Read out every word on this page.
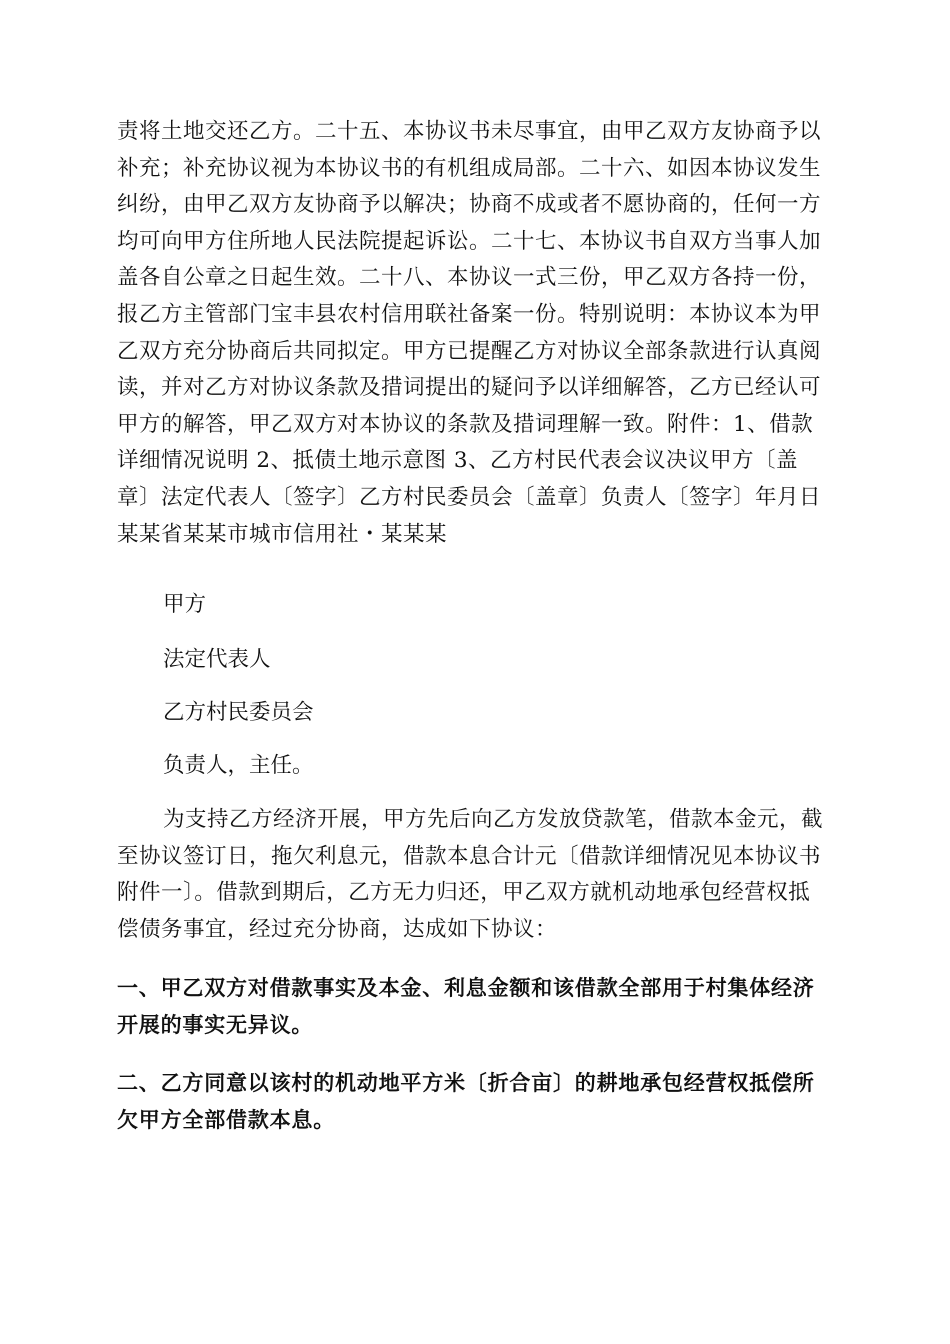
责将土地交还乙方。二十五、本协议书未尽事宜，由甲乙双方友协商予以
补充；补充协议视为本协议书的有机组成局部。二十六、如因本协议发生
纠纷，由甲乙双方友协商予以解决；协商不成或者不愿协商的，任何一方
均可向甲方住所地人民法院提起诉讼。二十七、本协议书自双方当事人加
盖各自公章之日起生效。二十八、本协议一式三份，甲乙双方各持一份，
报乙方主管部门宝丰县农村信用联社备案一份。特别说明：本协议本为甲
乙双方充分协商后共同拟定。甲方已提醒乙方对协议全部条款进行认真阅
读，并对乙方对协议条款及措词提出的疑问予以详细解答，乙方已经认可
甲方的解答，甲乙双方对本协议的条款及措词理解一致。附件：1、借款
详细情况说明 2、抵债土地示意图 3、乙方村民代表会议决议甲方〔盖
章〕法定代表人〔签字〕乙方村民委员会〔盖章〕负责人〔签字〕年月日
某某省某某市城市信用社・某某某
甲方
法定代表人
乙方村民委员会
负责人，主任。
为支持乙方经济开展，甲方先后向乙方发放贷款笔，借款本金元，截
至协议签订日，拖欠利息元，借款本息合计元〔借款详细情况见本协议书
附件一〕。借款到期后，乙方无力归还，甲乙双方就机动地承包经营权抵
偿债务事宜，经过充分协商，达成如下协议：
一、甲乙双方对借款事实及本金、利息金额和该借款全部用于村集体经济
开展的事实无异议。
二、乙方同意以该村的机动地平方米〔折合亩〕的耕地承包经营权抵偿所
欠甲方全部借款本息。
